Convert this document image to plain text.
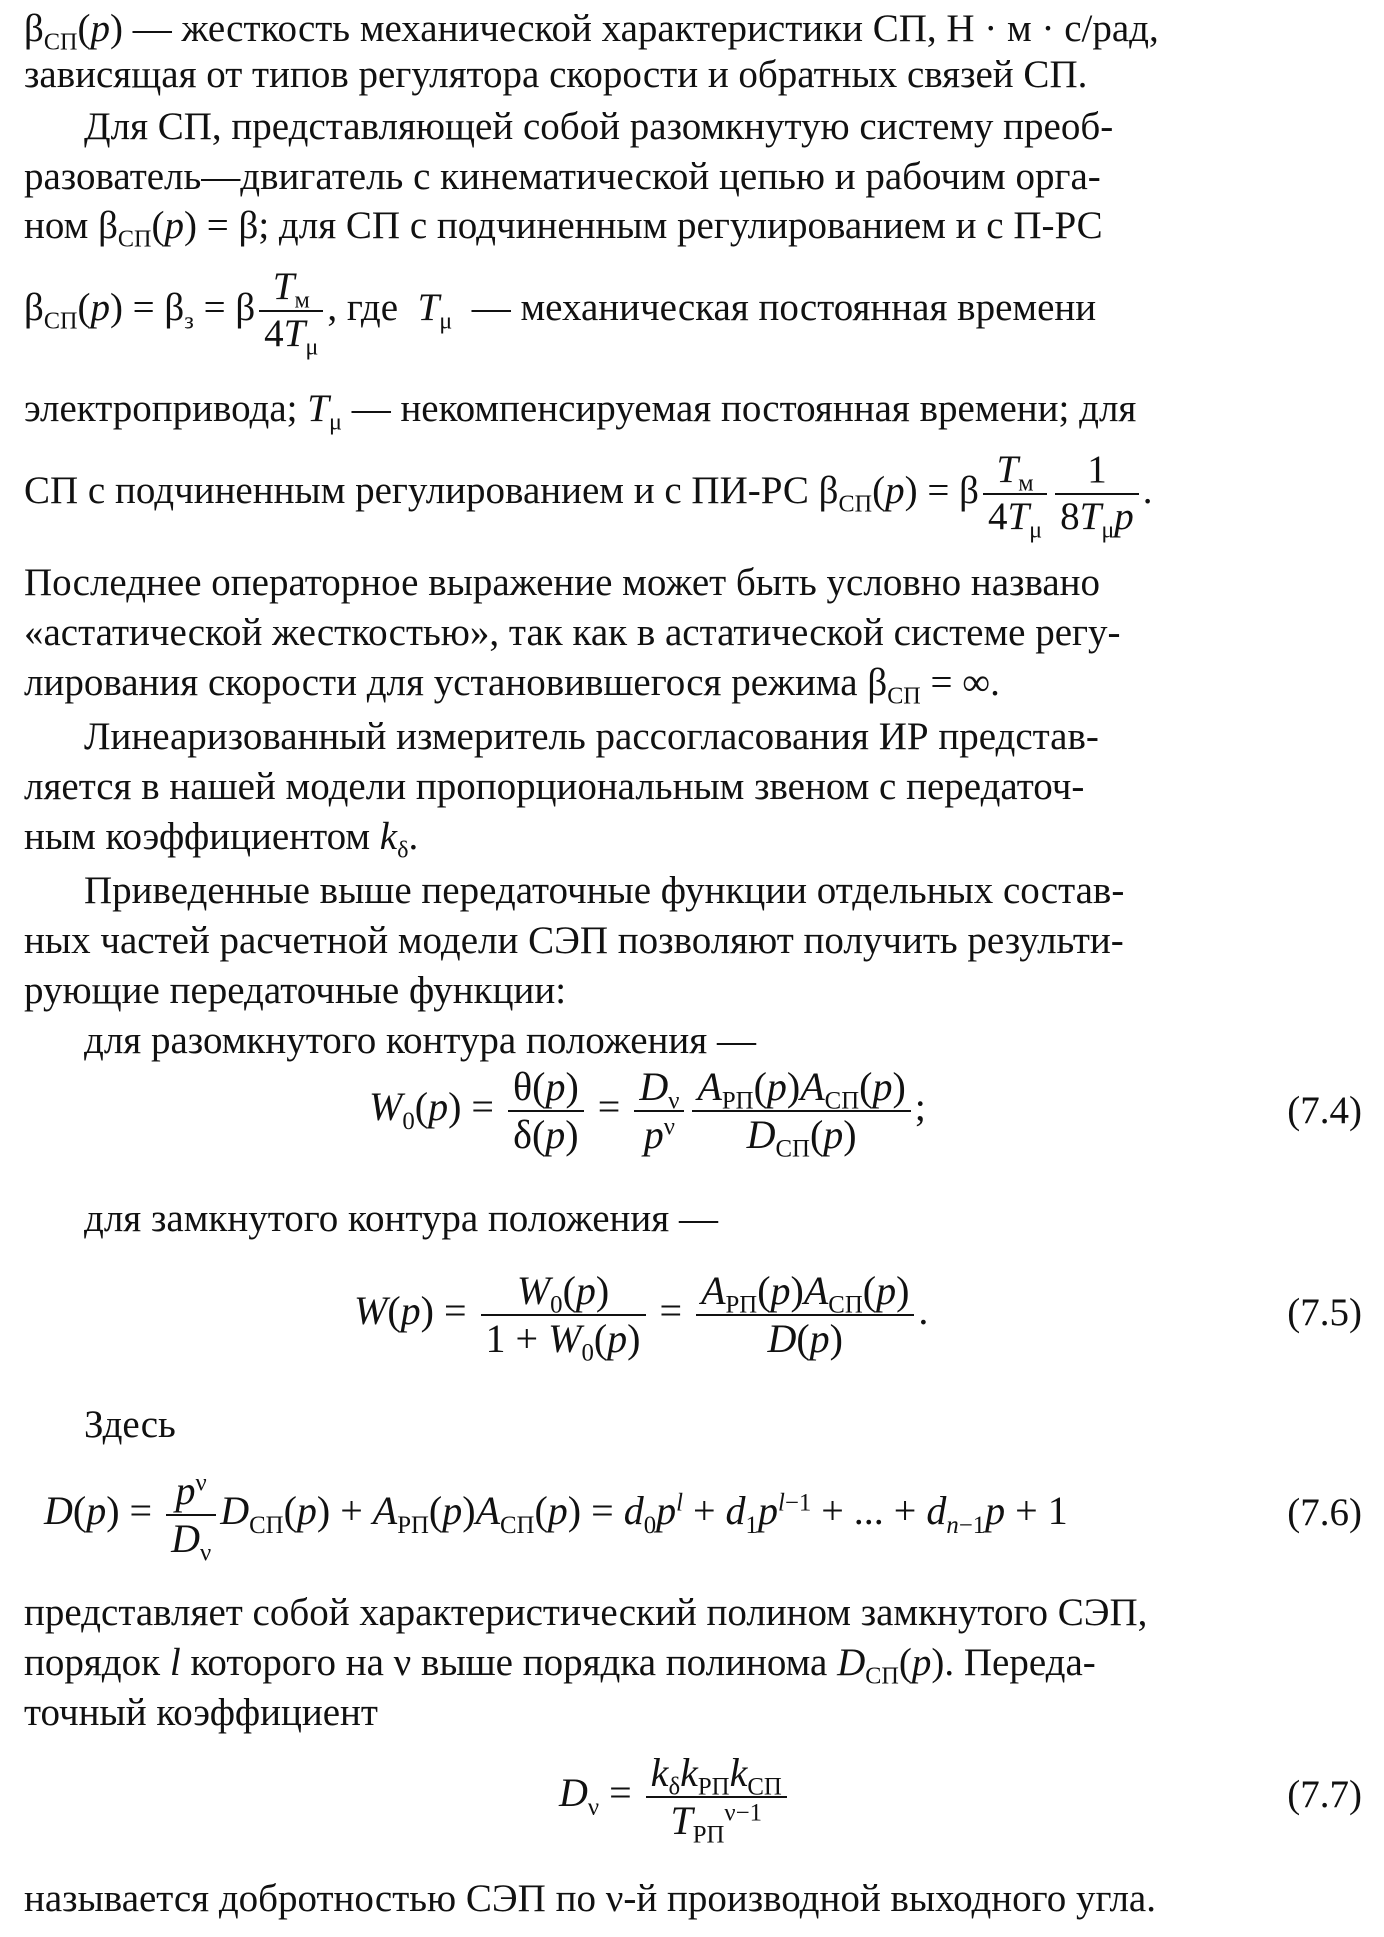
$\beta_{СП}(p)$ — жесткость механической характеристики СП, Н · м · с/рад,
зависящая от типов регулятора скорости и обратных связей СП.
Для СП, представляющей собой разомкнутую систему преоб-
разователь—двигатель с кинематической цепью и рабочим орга-
ном $\beta_{СП}(p) = \beta$; для СП с подчиненным регулированием и с П-РС
$\beta_{СП}(p) = \beta_з = \beta \frac{T_м}{4T_\mu}$ , где $T_\mu$ — механическая постоянная времени
электропривода; $T_\mu$ — некомпенсируемая постоянная времени; для
СП с подчиненным регулированием и с ПИ-РС $\beta_{СП}(p) = \beta \frac{T_м}{4T_\mu} \frac{1}{8T_\mu p}$ .
Последнее операторное выражение может быть условно названо
«астатической жесткостью», так как в астатической системе регу-
лирования скорости для установившегося режима $\beta_{СП}$ = ∞.
Линеаризованный измеритель рассогласования ИР представ-
ляется в нашей модели пропорциональным звеном с передаточ-
ным коэффициентом $k_\delta$.
Приведенные выше передаточные функции отдельных состав-
ных частей расчетной модели СЭП позволяют получить результи-
рующие передаточные функции:
для разомкнутого контура положения —
$W_0(p) = \frac{\theta(p)}{\delta(p)} = \frac{D_\nu}{p^\nu} \frac{A_{РП}(p)A_{СП}(p)}{D_{СП}(p)}$ ;	(7.4)
для замкнутого контура положения —
$W(p) = \frac{W_0(p)}{1 + W_0(p)} = \frac{A_{РП}(p)A_{СП}(p)}{D(p)}$ .	(7.5)
Здесь
$D(p) = \frac{p^\nu}{D_\nu} D_{СП}(p) + A_{РП}(p)A_{СП}(p) = d_0p^l + d_1p^{l-1}$ + ... + $d_{n-1}p + 1$	(7.6)
представляет собой характеристический полином замкнутого СЭП,
порядок l которого на ν выше порядка полинома $D_{СП}(p)$. Переда-
точный коэффициент
$D_\nu = \frac{k_\delta k_{РП}k_{СП}}{T_{РП}^{\nu-1}}$	(7.7)
называется добротностью СЭП по ν-й производной выходного угла.
